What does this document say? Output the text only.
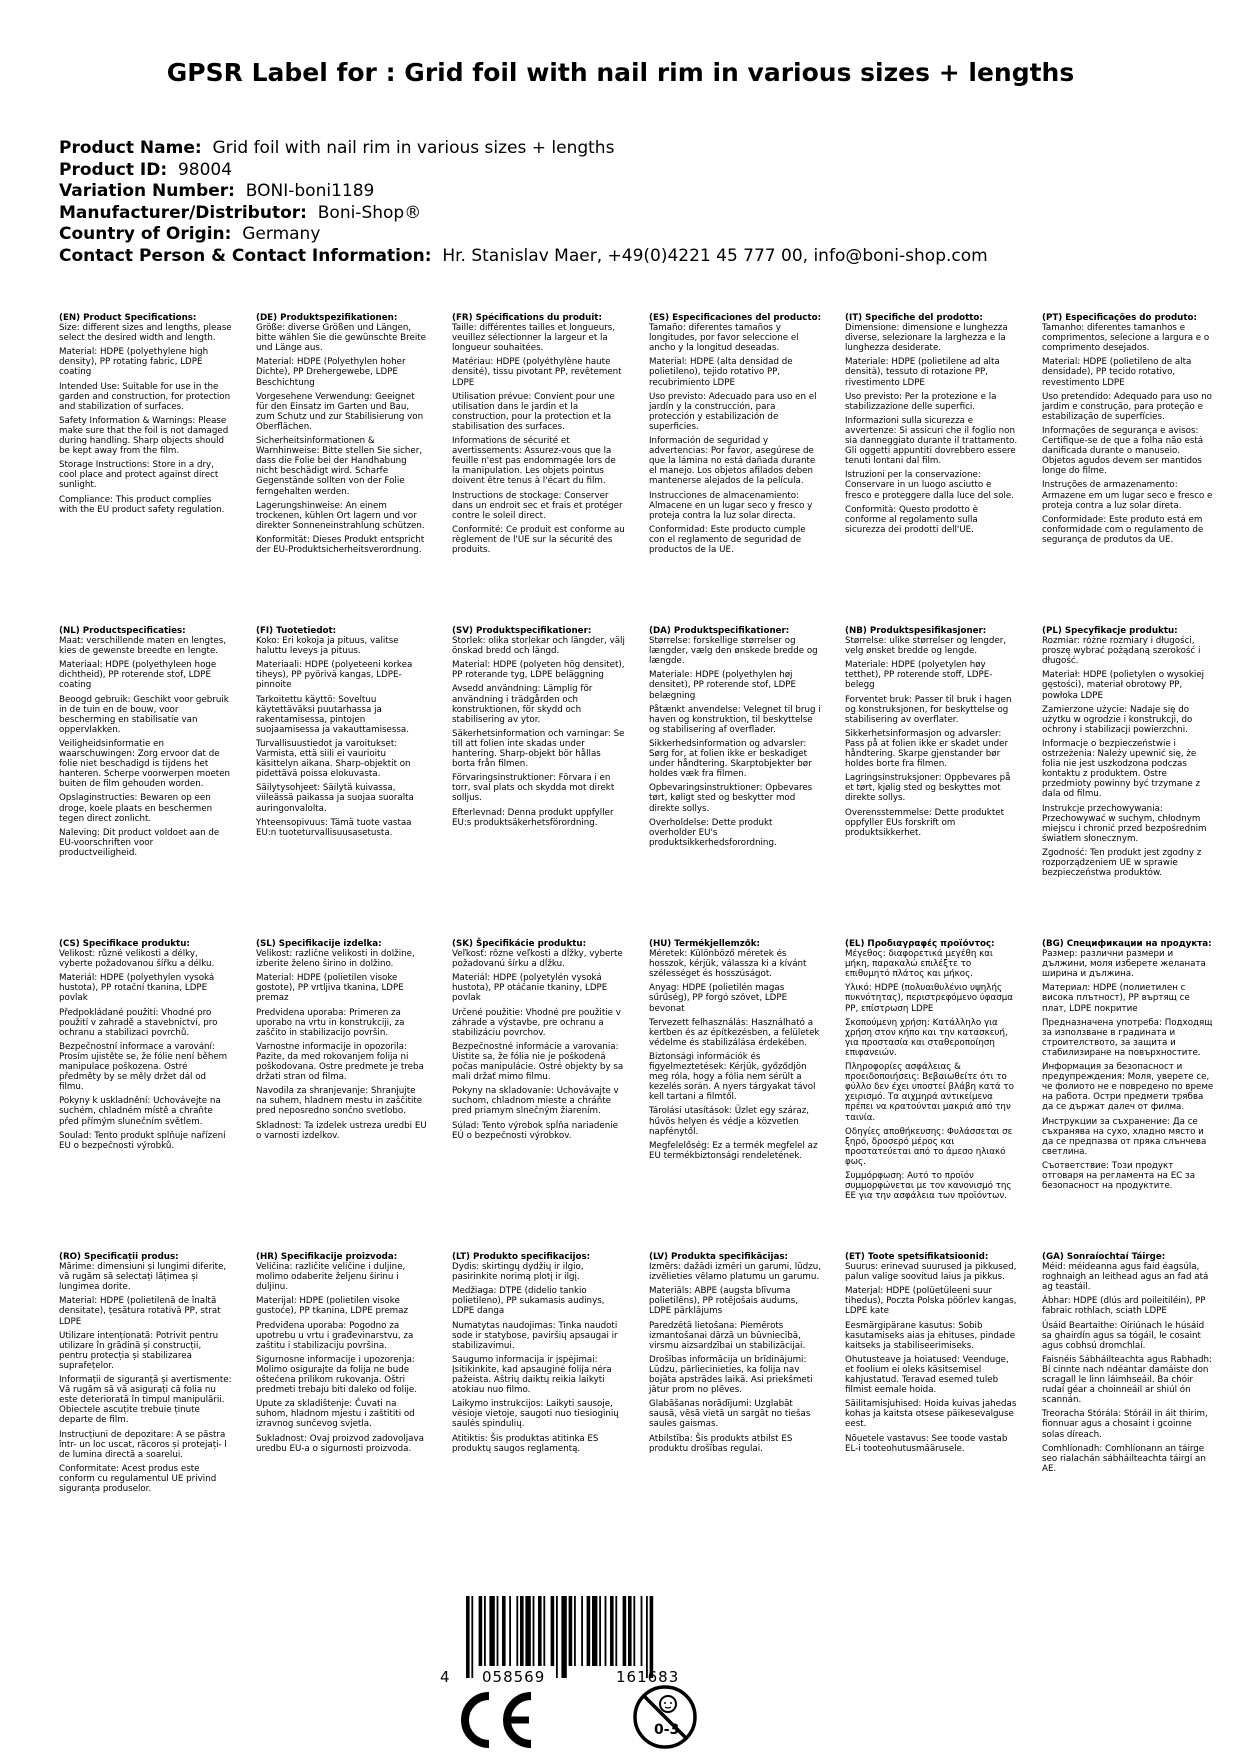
GPSR Label for : Grid foil with nail rim in various sizes + lengths
Product Name: Grid foil with nail rim in various sizes + lengths
Product ID: 98004
Variation Number: BONI-boni1189
Manufacturer/Distributor: Boni-Shop®
Country of Origin: Germany
Contact Person & Contact Information: Hr. Stanislav Maer, +49(0)4221 45 777 00, info@boni-shop.com
(EN) Product Specifications:

Size: different sizes and lengths, please select the desired width and length.

Material: HDPE (polyethylene high density), PP rotating fabric, LDPE coating

Intended Use: Suitable for use in the garden and construction, for protection and stabilization of surfaces.

Safety Information & Warnings: Please make sure that the foil is not damaged during handling. Sharp objects should be kept away from the film.

Storage Instructions: Store in a dry, cool place and protect against direct sunlight.

Compliance: This product complies with the EU product safety regulation.

(DE) Produktspezifikationen:

Größe: diverse Größen und Längen, bitte wählen Sie die gewünschte Breite und Länge aus.

Material: HDPE (Polyethylen hoher Dichte), PP Drehergewebe, LDPE Beschichtung

Vorgesehene Verwendung: Geeignet für den Einsatz im Garten und Bau, zum Schutz und zur Stabilisierung von Oberflächen.

Sicherheitsinformationen & Warnhinweise: Bitte stellen Sie sicher, dass die Folie bei der Handhabung nicht beschädigt wird. Scharfe Gegenstände sollten von der Folie ferngehalten werden.

Lagerungshinweise: An einem trockenen, kühlen Ort lagern und vor direkter Sonneneinstrahlung schützen.

Konformität: Dieses Produkt entspricht der EU-Produktsicherheitsverordnung.

(FR) Spécifications du produit:

Taille: différentes tailles et longueurs, veuillez sélectionner la largeur et la longueur souhaitées.

Matériau: HDPE (polyéthylène haute densité), tissu pivotant PP, revêtement LDPE

Utilisation prévue: Convient pour une utilisation dans le jardin et la construction, pour la protection et la stabilisation des surfaces.

Informations de sécurité et avertissements: Assurez-vous que la feuille n'est pas endommagée lors de la manipulation. Les objets pointus doivent être tenus à l'écart du film.

Instructions de stockage: Conserver dans un endroit sec et frais et protéger contre le soleil direct.

Conformité: Ce produit est conforme au règlement de l'UE sur la sécurité des produits.

(ES) Especificaciones del producto:

Tamaño: diferentes tamaños y longitudes, por favor seleccione el ancho y la longitud deseadas.

Material: HDPE (alta densidad de polietileno), tejido rotativo PP, recubrimiento LDPE

Uso previsto: Adecuado para uso en el jardín y la construcción, para protección y estabilización de superficies.

Información de seguridad y advertencias: Por favor, asegúrese de que la lámina no está dañada durante el manejo. Los objetos afilados deben mantenerse alejados de la película.

Instrucciones de almacenamiento: Almacene en un lugar seco y fresco y proteja contra la luz solar directa.

Conformidad: Este producto cumple con el reglamento de seguridad de productos de la UE.

(IT) Specifiche del prodotto:

Dimensione: dimensione e lunghezza diverse, selezionare la larghezza e la lunghezza desiderate.

Materiale: HDPE (polietilene ad alta densità), tessuto di rotazione PP, rivestimento LDPE

Uso previsto: Per la protezione e la stabilizzazione delle superfici.

Informazioni sulla sicurezza e avvertenze: Si assicuri che il foglio non sia danneggiato durante il trattamento. Gli oggetti appuntiti dovrebbero essere tenuti lontani dal film.

Istruzioni per la conservazione: Conservare in un luogo asciutto e fresco e proteggere dalla luce del sole.

Conformità: Questo prodotto è conforme al regolamento sulla sicurezza dei prodotti dell'UE.

(PT) Especificações do produto:

Tamanho: diferentes tamanhos e comprimentos, selecione a largura e o comprimento desejados.

Material: HDPE (polietileno de alta densidade), PP tecido rotativo, revestimento LDPE

Uso pretendido: Adequado para uso no jardim e construção, para proteção e estabilização de superfícies.

Informações de segurança e avisos: Certifique-se de que a folha não está danificada durante o manuseio. Objetos agudos devem ser mantidos longe do filme.

Instruções de armazenamento: Armazene em um lugar seco e fresco e proteja contra a luz solar direta.

Conformidade: Este produto está em conformidade com o regulamento de segurança de produtos da UE.

(NL) Productspecificaties:

Maat: verschillende maten en lengtes, kies de gewenste breedte en lengte.

Materiaal: HDPE (polyethyleen hoge dichtheid), PP roterende stof, LDPE coating

Beoogd gebruik: Geschikt voor gebruik in de tuin en de bouw, voor bescherming en stabilisatie van oppervlakken.

Veiligheidsinformatie en waarschuwingen: Zorg ervoor dat de folie niet beschadigd is tijdens het hanteren. Scherpe voorwerpen moeten buiten de film gehouden worden.

Opslaginstructies: Bewaren op een droge, koele plaats en beschermen tegen direct zonlicht.

Naleving: Dit product voldoet aan de EU-voorschriften voor productveiligheid.

(FI) Tuotetiedot:

Koko: Eri kokoja ja pituus, valitse haluttu leveys ja pituus.

Materiaali: HDPE (polyeteeni korkea tiheys), PP pyörivä kangas, LDPE-pinnoite

Tarkoitettu käyttö: Soveltuu käytettäväksi puutarhassa ja rakentamisessa, pintojen suojaamisessa ja vakauttamisessa.

Turvallisuustiedot ja varoitukset: Varmista, että siili ei vaurioitu käsittelyn aikana. Sharp-objektit on pidettävä poissa elokuvasta.

Säilytysohjeet: Säilytä kuivassa, viileässä paikassa ja suojaa suoralta auringonvalolta.

Yhteensopivuus: Tämä tuote vastaa EU:n tuoteturvallisuusasetusta.

(SV) Produktspecifikationer:

Storlek: olika storlekar och längder, välj önskad bredd och längd.

Material: HDPE (polyeten hög densitet), PP roterande tyg, LDPE beläggning

Avsedd användning: Lämplig för användning i trädgården och konstruktionen, för skydd och stabilisering av ytor.

Säkerhetsinformation och varningar: Se till att folien inte skadas under hantering. Sharp-objekt bör hållas borta från filmen.

Förvaringsinstruktioner: Förvara i en torr, sval plats och skydda mot direkt solljus.

Efterlevnad: Denna produkt uppfyller EU:s produktsäkerhetsförordning.

(DA) Produktspecifikationer:

Størrelse: forskellige størrelser og længder, vælg den ønskede bredde og længde.

Materiale: HDPE (polyethylen høj densitet), PP roterende stof, LDPE belægning

Påtænkt anvendelse: Velegnet til brug i haven og konstruktion, til beskyttelse og stabilisering af overflader.

Sikkerhedsinformation og advarsler: Sørg for, at folien ikke er beskadiget under håndtering. Skarptobjekter bør holdes væk fra filmen.

Opbevaringsinstruktioner: Opbevares tørt, køligt sted og beskytter mod direkte sollys.

Overholdelse: Dette produkt overholder EU's produktsikkerhedsforordning.

(NB) Produktspesifikasjoner:

Størrelse: ulike størrelser og lengder, velg ønsket bredde og lengde.

Materiale: HDPE (polyetylen høy tetthet), PP roterende stoff, LDPE-belegg

Forventet bruk: Passer til bruk i hagen og konstruksjonen, for beskyttelse og stabilisering av overflater.

Sikkerhetsinformasjon og advarsler: Pass på at folien ikke er skadet under håndtering. Skarpe gjenstander bør holdes borte fra filmen.

Lagringsinstruksjoner: Oppbevares på et tørt, kjølig sted og beskyttes mot direkte sollys.

Overensstemmelse: Dette produktet oppfyller EUs forskrift om produktsikkerhet.

(PL) Specyfikacje produktu:

Rozmiar: różne rozmiary i długości, proszę wybrać pożądaną szerokość i długość.

Materiał: HDPE (polietylen o wysokiej gęstości), materiał obrotowy PP, powłoka LDPE

Zamierzone użycie: Nadaje się do użytku w ogrodzie i konstrukcji, do ochrony i stabilizacji powierzchni.

Informacje o bezpieczeństwie i ostrzeżenia: Należy upewnić się, że folia nie jest uszkodzona podczas kontaktu z produktem. Ostre przedmioty powinny być trzymane z dala od filmu.

Instrukcje przechowywania: Przechowywać w suchym, chłodnym miejscu i chronić przed bezpośrednim światłem słonecznym.

Zgodność: Ten produkt jest zgodny z rozporządzeniem UE w sprawie bezpieczeństwa produktów.

(CS) Specifikace produktu:

Velikost: různé velikosti a délky, vyberte požadovanou šířku a délku.

Materiál: HDPE (polyethylen vysoká hustota), PP rotační tkanina, LDPE povlak

Předpokládané použití: Vhodné pro použití v zahradě a stavebnictví, pro ochranu a stabilizaci povrchů.

Bezpečnostní informace a varování: Prosím ujistěte se, že fólie není během manipulace poškozena. Ostré předměty by se měly držet dál od filmu.

Pokyny k uskladnění: Uchovávejte na suchém, chladném místě a chraňte před přímým slunečním světlem.

Soulad: Tento produkt splňuje nařízení EU o bezpečnosti výrobků.

(SL) Specifikacije izdelka:

Velikost: različne velikosti in dolžine, izberite želeno širino in dolžino.

Material: HDPE (polietilen visoke gostote), PP vrtljiva tkanina, LDPE premaz

Predvidena uporaba: Primeren za uporabo na vrtu in konstrukciji, za zaščito in stabilizacijo površin.

Varnostne informacije in opozorila: Pazite, da med rokovanjem folija ni poškodovana. Ostre predmete je treba držati stran od filma.

Navodila za shranjevanje: Shranjujte na suhem, hladnem mestu in zaščitite pred neposredno sončno svetlobo.

Skladnost: Ta izdelek ustreza uredbi EU o varnosti izdelkov.

(SK) Špecifikácie produktu:

Veľkosť: rôzne veľkosti a dĺžky, vyberte požadovanú šírku a dĺžku.

Materiál: HDPE (polyetylén vysoká hustota), PP otáčanie tkaniny, LDPE povlak

Určené použitie: Vhodné pre použitie v záhrade a výstavbe, pre ochranu a stabilizáciu povrchov.

Bezpečnostné informácie a varovania: Uistite sa, že fólia nie je poškodená počas manipulácie. Ostré objekty by sa mali držať mimo filmu.

Pokyny na skladovanie: Uchovávajte v suchom, chladnom mieste a chráňte pred priamym slnečným žiarením.

Súlad: Tento výrobok spĺňa nariadenie EÚ o bezpečnosti výrobkov.

(HU) Termékjellemzők:

Méretek: Különböző méretek és hosszok, kérjük, válassza ki a kívánt szélességet és hosszúságot.

Anyag: HDPE (polietilén magas sűrűség), PP forgó szövet, LDPE bevonat

Tervezett felhasználás: Használható a kertben és az építkezésben, a felületek védelme és stabilizálása érdekében.

Biztonsági információk és figyelmeztetések: Kérjük, győződjön meg róla, hogy a fólia nem sérült a kezelés során. A nyers tárgyakat távol kell tartani a filmtől.

Tárolási utasítások: Üzlet egy száraz, hűvös helyen és védje a közvetlen napfénytől.

Megfelelőség: Ez a termék megfelel az EU termékbiztonsági rendeletének.

(EL) Προδιαγραφές προϊόντος:

Μέγεθος: διαφορετικά μεγέθη και μήκη, παρακαλώ επιλέξτε το επιθυμητό πλάτος και μήκος.

Υλικό: HDPE (πολυαιθυλένιο υψηλής πυκνότητας), περιστρεφόμενο ύφασμα PP, επίστρωση LDPE

Σκοπούμενη χρήση: Κατάλληλο για χρήση στον κήπο και την κατασκευή, για προστασία και σταθεροποίηση επιφανειών.

Πληροφορίες ασφάλειας & προειδοποιήσεις: Βεβαιωθείτε ότι το φύλλο δεν έχει υποστεί βλάβη κατά το χειρισμό. Τα αιχμηρά αντικείμενα πρέπει να κρατούνται μακριά από την ταινία.

Οδηγίες αποθήκευσης: Φυλάσσεται σε ξηρό, δροσερό μέρος και προστατεύεται από το άμεσο ηλιακό φως.

Συμμόρφωση: Αυτό το προϊόν συμμορφώνεται με τον κανονισμό της ΕΕ για την ασφάλεια των προϊόντων.

(BG) Спецификации на продукта:

Размер: различни размери и дължини, моля изберете желаната ширина и дължина.

Материал: HDPE (полиетилен с висока плътност), PP въртящ се плат, LDPE покритие

Предназначена употреба: Подходящ за използване в градината и строителството, за защита и стабилизиране на повърхностите.

Информация за безопасност и предупреждения: Моля, уверете се, че фолиото не е повредено по време на работа. Остри предмети трябва да се държат далеч от филма.

Инструкции за съхранение: Да се съхранява на сухо, хладно място и да се предпазва от пряка слънчева светлина.

Съответствие: Този продукт отговаря на регламента на ЕС за безопасност на продуктите.

(RO) Specificații produs:

Mărime: dimensiuni și lungimi diferite, vă rugăm să selectați lățimea și lungimea dorite.

Material: HDPE (polietilenă de înaltă densitate), țesătura rotativă PP, strat LDPE

Utilizare intenționată: Potrivit pentru utilizare în grădină și construcții, pentru protecția și stabilizarea suprafețelor.

Informații de siguranță și avertismente: Vă rugăm să vă asigurați că folia nu este deteriorată în timpul manipulării. Obiectele ascuțite trebuie ținute departe de film.

Instrucțiuni de depozitare: A se păstra într- un loc uscat, răcoros și protejați- l de lumina directă a soarelui.

Conformitate: Acest produs este conform cu regulamentul UE privind siguranța produselor.

(HR) Specifikacije proizvoda:

Veličina: različite veličine i duljine, molimo odaberite željenu širinu i duljinu.

Materijal: HDPE (polietilen visoke gustoće), PP tkanina, LDPE premaz

Predviđena uporaba: Pogodno za upotrebu u vrtu i građevinarstvu, za zaštitu i stabilizaciju površina.

Sigurnosne informacije i upozorenja: Molimo osigurajte da folija ne bude oštećena prilikom rukovanja. Oštri predmeti trebaju biti daleko od folije.

Upute za skladištenje: Čuvati na suhom, hladnom mjestu i zaštititi od izravnog sunčevog svjetla.

Sukladnost: Ovaj proizvod zadovoljava uredbu EU-a o sigurnosti proizvoda.

(LT) Produkto specifikacijos:

Dydis: skirtingų dydžių ir ilgio, pasirinkite norimą plotį ir ilgį.

Medžiaga: DTPE (didelio tankio polietileno), PP sukamasis audinys, LDPE danga

Numatytas naudojimas: Tinka naudoti sode ir statybose, paviršių apsaugai ir stabilizavimui.

Saugumo informacija ir įspėjimai: Įsitikinkite, kad apsauginė folija nėra pažeista. Aštrių daiktų reikia laikyti atokiau nuo filmo.

Laikymo instrukcijos: Laikyti sausoje, vėsioje vietoje, saugoti nuo tiesioginių saulės spindulių.

Atitiktis: Šis produktas atitinka ES produktų saugos reglamentą.

(LV) Produkta specifikācijas:

Izmērs: dažādi izmēri un garumi, lūdzu, izvēlieties vēlamo platumu un garumu.

Materiāls: ABPE (augsta blīvuma polietilēns), PP rotējošais audums, LDPE pārklājums

Paredzētā lietošana: Piemērots izmantošanai dārzā un būvniecībā, virsmu aizsardzībai un stabilizācijai.

Drošības informācija un brīdinājumi: Lūdzu, pārliecinieties, ka folija nav bojāta apstrādes laikā. Asi priekšmeti jātur prom no plēves.

Glabāšanas norādījumi: Uzglabāt sausā, vēsā vietā un sargāt no tiešas saules gaismas.

Atbilstība: Šis produkts atbilst ES produktu drošības regulai.

(ET) Toote spetsifikatsioonid:

Suurus: erinevad suurused ja pikkused, palun valige soovitud laius ja pikkus.

Materjal: HDPE (polüetüleeni suur tihedus), Poczta Polska pöörlev kangas, LDPE kate

Eesmärgipärane kasutus: Sobib kasutamiseks aias ja ehituses, pindade kaitseks ja stabiliseerimiseks.

Ohutusteave ja hoiatused: Veenduge, et foolium ei oleks käsitsemisel kahjustatud. Teravad esemed tuleb filmist eemale hoida.

Säilitamisjuhised: Hoida kuivas jahedas kohas ja kaitsta otsese päikesevalguse eest.

Nõuetele vastavus: See toode vastab EL-i tooteohutusmäärusele.

(GA) Sonraíochtaí Táirge:

Méid: méideanna agus faid éagsúla, roghnaigh an leithead agus an fad atá ag teastáil.

Ábhar: HDPE (dlús ard poileitiléin), PP fabraic rothlach, sciath LDPE

Úsáid Beartaithe: Oiriúnach le húsáid sa ghairdín agus sa tógáil, le cosaint agus cobhsú dromchlaí.

Faisnéis Sábháilteachta agus Rabhadh: Bí cinnte nach ndéantar damáiste don scragall le linn láimhseáil. Ba chóir rudaí géar a choinneáil ar shiúl ón scannán.

Treoracha Stórála: Stóráil in áit thirim, fionnuar agus a chosaint i gcoinne solas díreach.

Comhlíonadh: Comhlíonann an táirge seo rialachán sábháilteachta táirgí an AE.

4 058569	161683
0-3
